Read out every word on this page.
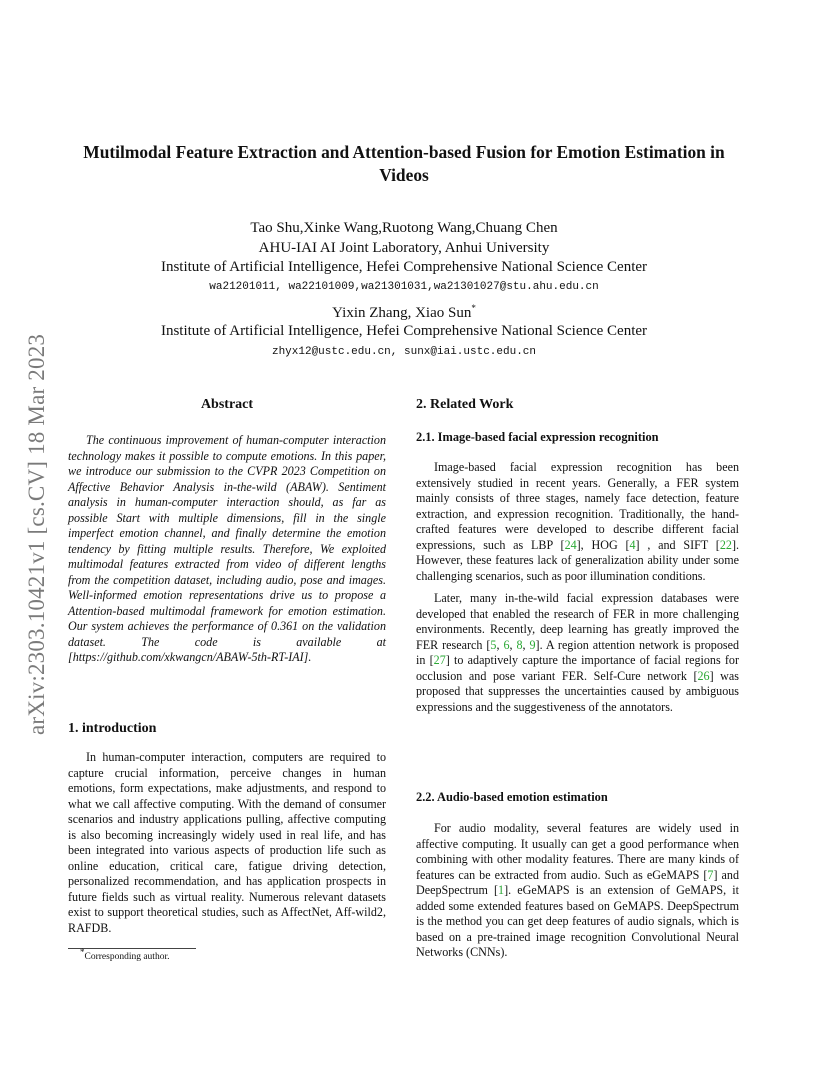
arXiv:2303.10421v1 [cs.CV] 18 Mar 2023
Mutilmodal Feature Extraction and Attention-based Fusion for Emotion Estimation in Videos

Tao Shu,Xinke Wang,Ruotong Wang,Chuang Chen

AHU-IAI AI Joint Laboratory, Anhui University

Institute of Artificial Intelligence, Hefei Comprehensive National Science Center

wa21201011, wa22101009,wa21301031,wa21301027@stu.ahu.edu.cn

Yixin Zhang, Xiao Sun*

Institute of Artificial Intelligence, Hefei Comprehensive National Science Center

zhyx12@ustc.edu.cn, sunx@iai.ustc.edu.cn

Abstract

The continuous improvement of human-computer interaction technology makes it possible to compute emotions. In this paper, we introduce our submission to the CVPR 2023 Competition on Affective Behavior Analysis in-the-wild (ABAW). Sentiment analysis in human-computer interaction should, as far as possible Start with multiple dimensions, fill in the single imperfect emotion channel, and finally determine the emotion tendency by fitting multiple results. Therefore, We exploited multimodal features extracted from video of different lengths from the competition dataset, including audio, pose and images. Well-informed emotion representations drive us to propose a Attention-based multimodal framework for emotion estimation. Our system achieves the performance of 0.361 on the validation dataset. The code is available at [https://github.com/xkwangcn/ABAW-5th-RT-IAI].

1. introduction

In human-computer interaction, computers are required to capture crucial information, perceive changes in human emotions, form expectations, make adjustments, and respond to what we call affective computing. With the demand of consumer scenarios and industry applications pulling, affective computing is also becoming increasingly widely used in real life, and has been integrated into various aspects of production life such as online education, critical care, fatigue driving detection, personalized recommendation, and has application prospects in future fields such as virtual reality. Numerous relevant datasets exist to support theoretical studies, such as AffectNet, Aff-wild2, RAFDB.

*Corresponding author.

2. Related Work
2.1. Image-based facial expression recognition

Image-based facial expression recognition has been extensively studied in recent years. Generally, a FER system mainly consists of three stages, namely face detection, feature extraction, and expression recognition. Traditionally, the hand-crafted features were developed to describe different facial expressions, such as LBP [24], HOG [4] , and SIFT [22]. However, these features lack of generalization ability under some challenging scenarios, such as poor illumination conditions.

Later, many in-the-wild facial expression databases were developed that enabled the research of FER in more challenging environments. Recently, deep learning has greatly improved the FER research [5, 6, 8, 9]. A region attention network is proposed in [27] to adaptively capture the importance of facial regions for occlusion and pose variant FER. Self-Cure network [26] was proposed that suppresses the uncertainties caused by ambiguous expressions and the suggestiveness of the annotators.

2.2. Audio-based emotion estimation

For audio modality, several features are widely used in affective computing. It usually can get a good performance when combining with other modality features. There are many kinds of features can be extracted from audio. Such as eGeMAPS [7] and DeepSpectrum [1]. eGeMAPS is an extension of GeMAPS, it added some extended features based on GeMAPS. DeepSpectrum is the method you can get deep features of audio signals, which is based on a pre-trained image recognition Convolutional Neural Networks (CNNs).
